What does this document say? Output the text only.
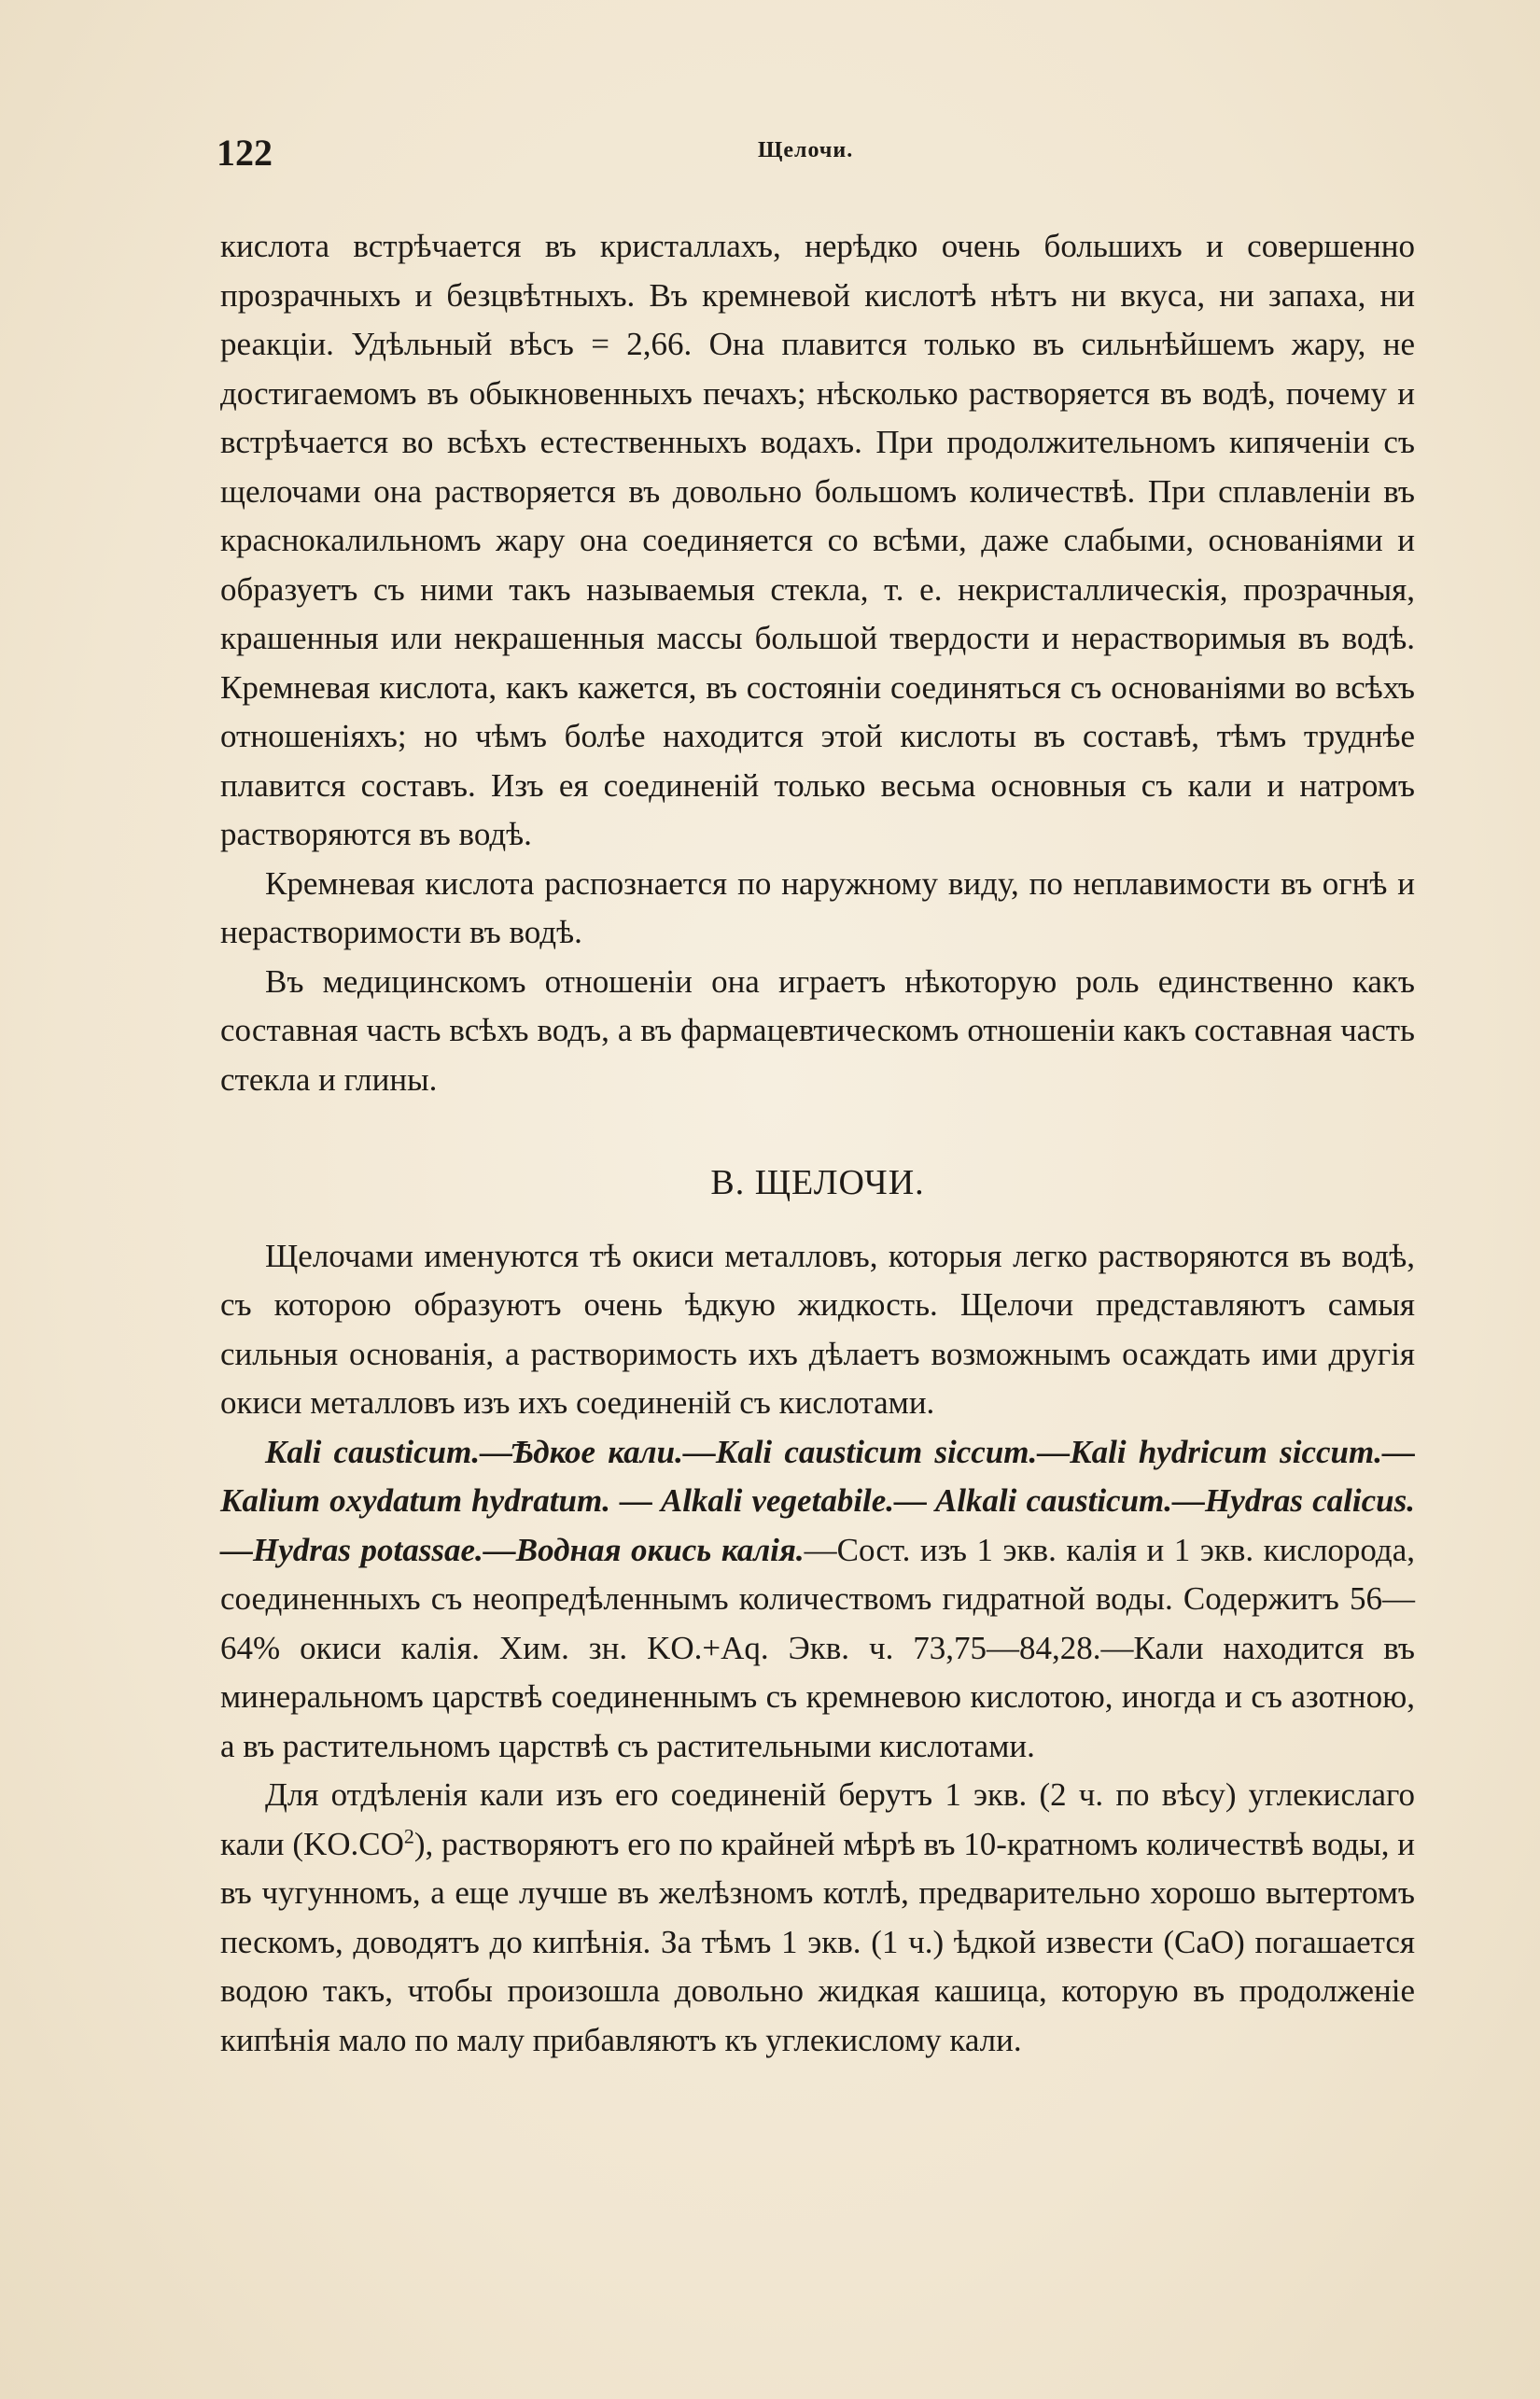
122	Щелочи.

кислота встрѣчается въ кристаллахъ, нерѣдко очень большихъ и совершенно прозрачныхъ и безцвѣтныхъ. Въ кремневой кислотѣ нѣтъ ни вкуса, ни запаха, ни реакціи. Удѣльный вѣсъ = 2,66. Она плавится только въ сильнѣйшемъ жару, не достигаемомъ въ обыкновенныхъ печахъ; нѣсколько растворяется въ водѣ, почему и встрѣчается во всѣхъ естественныхъ водахъ. При продолжительномъ кипяченіи съ щелочами она растворяется въ довольно большомъ количествѣ. При сплавленіи въ краснокалильномъ жару она соединяется со всѣми, даже слабыми, основаніями и образуетъ съ ними такъ называемыя стекла, т. е. некристаллическія, прозрачныя, крашенныя или некрашенныя массы большой твердости и нерастворимыя въ водѣ. Кремневая кислота, какъ кажется, въ состояніи соединяться съ основаніями во всѣхъ отношеніяхъ; но чѣмъ болѣе находится этой кислоты въ составѣ, тѣмъ труднѣе плавится составъ. Изъ ея соединеній только весьма основныя съ кали и натромъ растворяются въ водѣ.

Кремневая кислота распознается по наружному виду, по неплавимости въ огнѣ и нерастворимости въ водѣ.

Въ медицинскомъ отношеніи она играетъ нѣкоторую роль единственно какъ составная часть всѣхъ водъ, а въ фармацевтическомъ отношеніи какъ составная часть стекла и глины.

В. ЩЕЛОЧИ.

Щелочами именуются тѣ окиси металловъ, которыя легко растворяются въ водѣ, съ которою образуютъ очень ѣдкую жидкость. Щелочи представляютъ самыя сильныя основанія, а растворимость ихъ дѣлаетъ возможнымъ осаждать ими другія окиси металловъ изъ ихъ соединеній съ кислотами.

Kali causticum.—Ѣдкое кали.—Kali causticum siccum.—Kali hydricum siccum.—Kalium oxydatum hydratum. — Alkali vegetabile.— Alkali causticum.—Hydras calicus.—Hydras potassae.—Водная окись калія.—Сост. изъ 1 экв. калія и 1 экв. кислорода, соединенныхъ съ неопредѣленнымъ количествомъ гидратной воды. Содержитъ 56—64% окиси калія. Хим. зн. KO.+Aq. Экв. ч. 73,75—84,28.—Кали находится въ минеральномъ царствѣ соединеннымъ съ кремневою кислотою, иногда и съ азотною, а въ растительномъ царствѣ съ растительными кислотами.

Для отдѣленія кали изъ его соединеній берутъ 1 экв. (2 ч. по вѣсу) углекислаго кали $(KO.CO^2)$, растворяютъ его по крайней мѣрѣ въ 10-кратномъ количествѣ воды, и въ чугунномъ, а еще лучше въ желѣзномъ котлѣ, предварительно хорошо вытертомъ пескомъ, доводятъ до кипѣнія. За тѣмъ 1 экв. (1 ч.) ѣдкой извести (CaO) погашается водою такъ, чтобы произошла довольно жидкая кашица, которую въ продолженіе кипѣнія мало по малу прибавляютъ къ углекислому кали.
